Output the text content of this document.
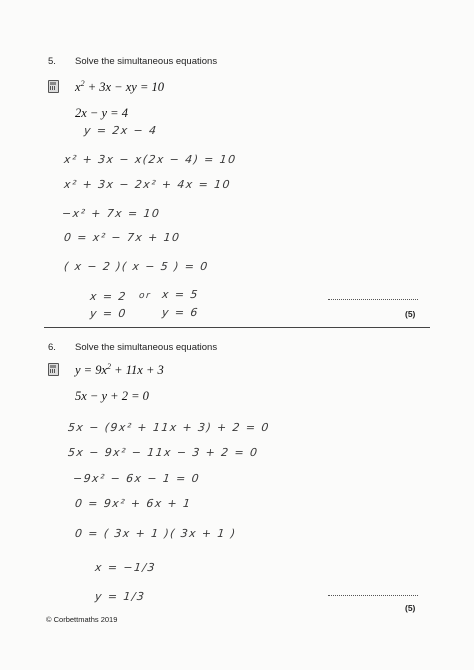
5. Solve the simultaneous equations
$x^2 + 3x$ − xy = 10
2x − y = 4
y = 2x − 4
x² + 3x − x(2x − 4) = 10
x² + 3x − 2x² + 4x = 10
−x² + 7x = 10
0 = x² − 7x + 10
( x − 2 )( x − 5 ) = 0
x = 2 or x = 5
y = 0	y = 6	(5)
6. Solve the simultaneous equations
$y = 9x^2 + 11x + 3$
5x − y + 2 = 0
5x − (9x² + 11x + 3) + 2 = 0
5x − 9x² − 11x − 3 + 2 = 0
−9x² − 6x − 1 = 0
0 = 9x² + 6x + 1
0 = ( 3x + 1 )( 3x + 1 )
x = −1/3
y = 1/3
(5)
© Corbettmaths 2019
